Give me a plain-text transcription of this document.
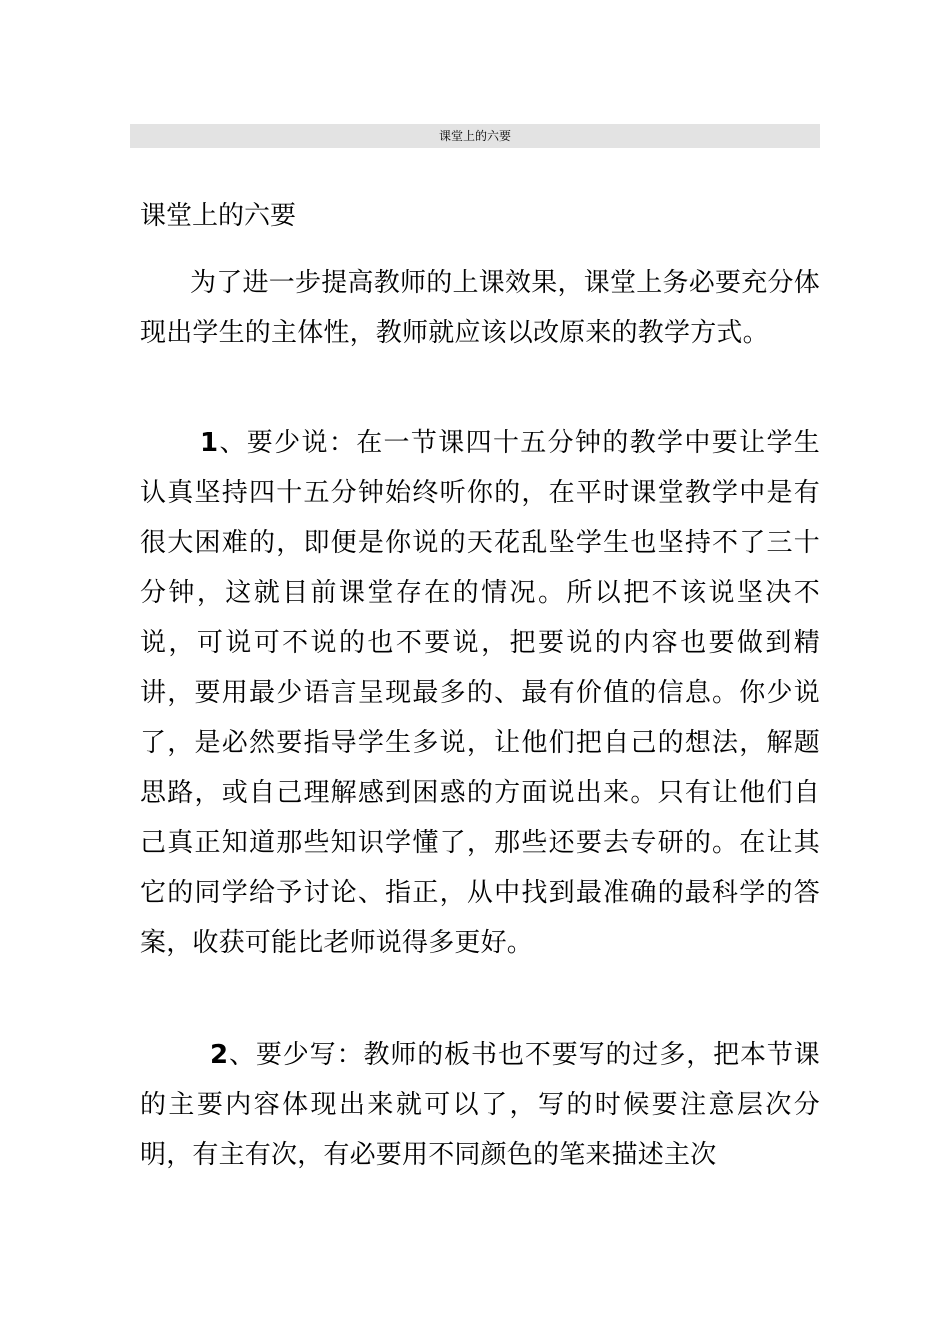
课堂上的六要
课堂上的六要

为了进一步提高教师的上课效果，课堂上务必要充分体现出学生的主体性，教师就应该以改原来的教学方式。

1、要少说：在一节课四十五分钟的教学中要让学生认真坚持四十五分钟始终听你的，在平时课堂教学中是有很大困难的，即便是你说的天花乱坠学生也坚持不了三十分钟，这就目前课堂存在的情况。所以把不该说坚决不说，可说可不说的也不要说，把要说的内容也要做到精讲，要用最少语言呈现最多的、最有价值的信息。你少说了，是必然要指导学生多说，让他们把自己的想法，解题思路，或自己理解感到困惑的方面说出来。只有让他们自己真正知道那些知识学懂了，那些还要去专研的。在让其它的同学给予讨论、指正，从中找到最准确的最科学的答案，收获可能比老师说得多更好。

2、要少写：教师的板书也不要写的过多，把本节课的主要内容体现出来就可以了，写的时候要注意层次分明，有主有次，有必要用不同颜色的笔来描述主次
